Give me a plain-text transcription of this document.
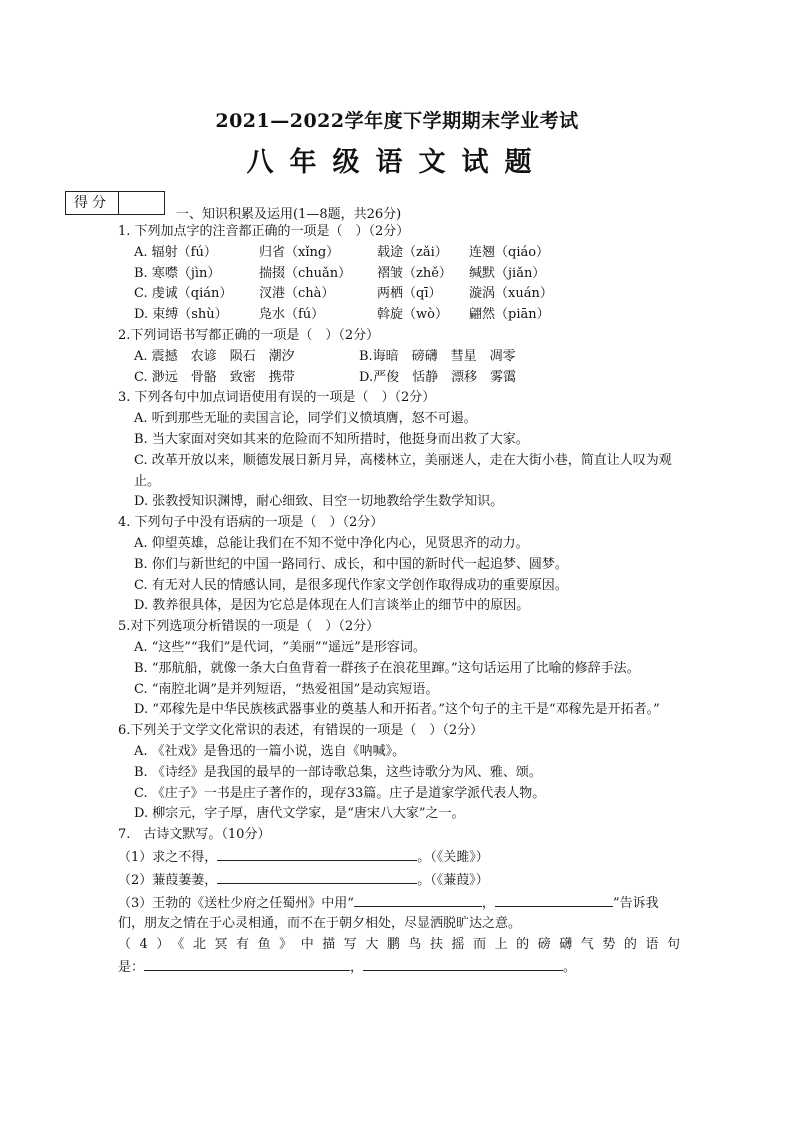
2021—2022学年度下学期期末学业考试
八年级语文试题
得分
一、知识积累及运用(1—8题，共26分)
1. 下列加点字的注音都正确的一项是（　）（2分）
A. 辐射（fú）	归省（xǐng）	载途（zǎi）	连翘（qiáo）
B. 寒噤（jìn）	揣掇（chuǎn）	褶皱（zhě）	缄默（jiǎn）
C. 虔诚（qián）	汊港（chà）	两栖（qī）	漩涡（xuán）
D. 束缚（shù）	凫水（fú）	斡旋（wò）	翩然（piān）
2.下列词语书写都正确的一项是（　）（2分）
A. 震撼　农谚　陨石　潮汐	B.诲暗　磅礴　彗星　凋零
C. 渺远　骨骼　致密　携带	D.严俊　恬静　漂移　雾霭
3. 下列各句中加点词语使用有误的一项是（　）（2分）
A. 听到那些无耻的卖国言论，同学们义愤填膺，怒不可遏。
B. 当大家面对突如其来的危险而不知所措时，他挺身而出救了大家。
C. 改革开放以来，顺德发展日新月异，高楼林立，美丽迷人，走在大街小巷，简直让人叹为观止。
D. 张教授知识渊博，耐心细致、目空一切地教给学生数学知识。
4. 下列句子中没有语病的一项是（　）（2分）
A. 仰望英雄，总能让我们在不知不觉中净化内心，见贤思齐的动力。
B. 你们与新世纪的中国一路同行、成长，和中国的新时代一起追梦、圆梦。
C. 有无对人民的情感认同，是很多现代作家文学创作取得成功的重要原因。
D. 教养很具体，是因为它总是体现在人们言谈举止的细节中的原因。
5.对下列选项分析错误的一项是（　）（2分）
A. “这些”“我们”是代词，“美丽”“遥远”是形容词。
B. “那航船，就像一条大白鱼背着一群孩子在浪花里蹿。”这句话运用了比喻的修辞手法。
C. “南腔北调”是并列短语，“热爱祖国”是动宾短语。
D. “邓稼先是中华民族核武器事业的奠基人和开拓者。”这个句子的主干是“邓稼先是开拓者。”
6.下列关于文学文化常识的表述，有错误的一项是（　）（2分）
A. 《社戏》是鲁迅的一篇小说，选自《呐喊》。
B. 《诗经》是我国的最早的一部诗歌总集，这些诗歌分为风、雅、颂。
C. 《庄子》一书是庄子著作的，现存33篇。庄子是道家学派代表人物。
D. 柳宗元，字子厚，唐代文学家，是“唐宋八大家”之一。
7.　古诗文默写。（10分）
（1）求之不得，	。（《关雎》）
（2）蒹葭萋萋，	。（《蒹葭》）
（3）王勃的《送杜少府之任蜀州》中用“	，	”告诉我们，朋友之情在于心灵相通，而不在于朝夕相处，尽显洒脱旷达之意。
（4）《北冥有鱼》中描写大鹏鸟扶摇而上的磅礴气势的语句
是：	，	。
